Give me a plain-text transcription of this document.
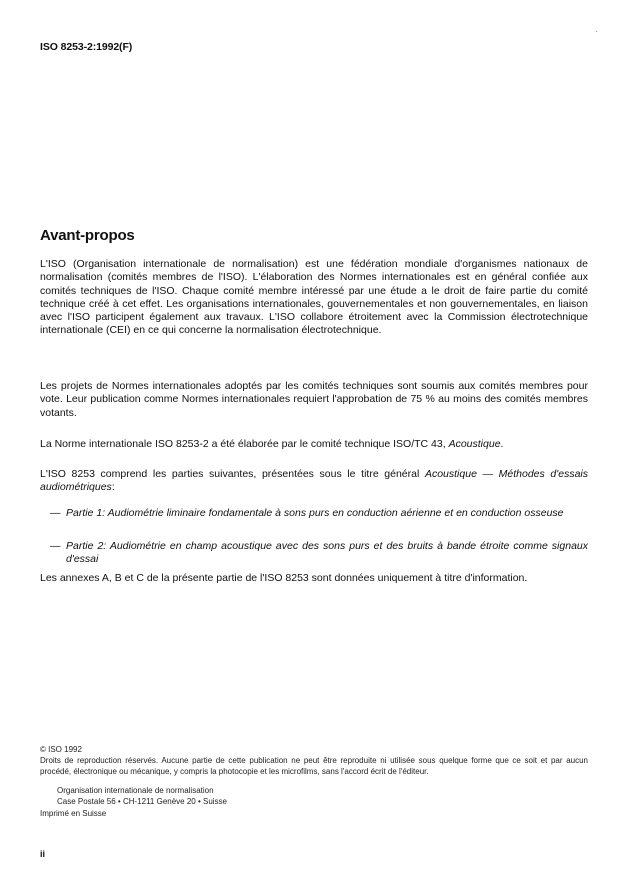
ISO 8253-2:1992(F)
Avant-propos

L'ISO (Organisation internationale de normalisation) est une fédération mondiale d'organismes nationaux de normalisation (comités membres de l'ISO). L'élaboration des Normes internationales est en général confiée aux comités techniques de l'ISO. Chaque comité membre intéressé par une étude a le droit de faire partie du comité technique créé à cet effet. Les organisations internationales, gouvernementales et non gouvernementales, en liaison avec l'ISO participent également aux travaux. L'ISO collabore étroitement avec la Commission électrotechnique internationale (CEI) en ce qui concerne la normalisation électrotechnique.

Les projets de Normes internationales adoptés par les comités techniques sont soumis aux comités membres pour vote. Leur publication comme Normes internationales requiert l'approbation de 75 % au moins des comités membres votants.

La Norme internationale ISO 8253-2 a été élaborée par le comité technique ISO/TC 43, Acoustique.

L'ISO 8253 comprend les parties suivantes, présentées sous le titre général Acoustique — Méthodes d'essais audiométriques:

— Partie 1: Audiométrie liminaire fondamentale à sons purs en conduction aérienne et en conduction osseuse
— Partie 2: Audiométrie en champ acoustique avec des sons purs et des bruits à bande étroite comme signaux d'essai

Les annexes A, B et C de la présente partie de l'ISO 8253 sont données uniquement à titre d'information.

© ISO 1992
Droits de reproduction réservés. Aucune partie de cette publication ne peut être reproduite ni utilisée sous quelque forme que ce soit et par aucun procédé, électronique ou mécanique, y compris la photocopie et les microfilms, sans l'accord écrit de l'éditeur.
Organisation internationale de normalisation
Case Postale 56 • CH-1211 Genève 20 • Suisse
Imprimé en Suisse
ii
